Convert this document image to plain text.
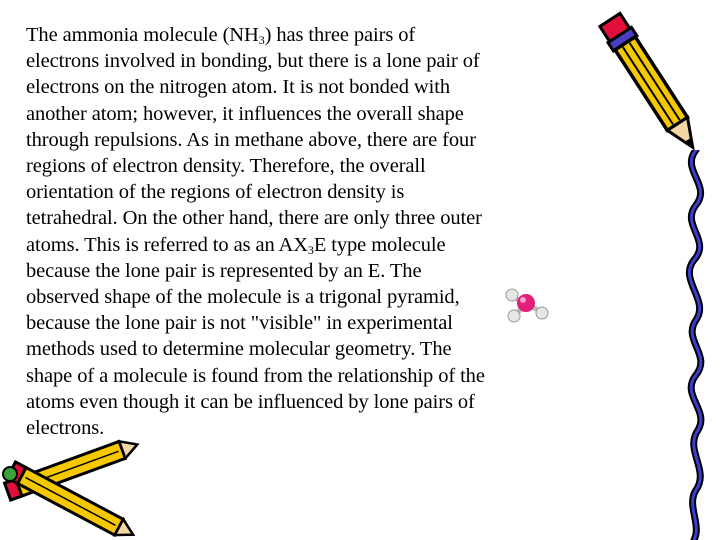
The ammonia molecule $(NH_3)$ has three pairs of
electrons involved in bonding, but there is a lone pair of
electrons on the nitrogen atom. It is not bonded with
another atom; however, it influences the overall shape
through repulsions. As in methane above, there are four
regions of electron density. Therefore, the overall
orientation of the regions of electron density is
tetrahedral. On the other hand, there are only three outer
atoms. This is referred to as an $AX_3E$ type molecule
because the lone pair is represented by an E. The
observed shape of the molecule is a trigonal pyramid,
because the lone pair is not "visible" in experimental
methods used to determine molecular geometry. The
shape of a molecule is found from the relationship of the
atoms even though it can be influenced by lone pairs of
electrons.
